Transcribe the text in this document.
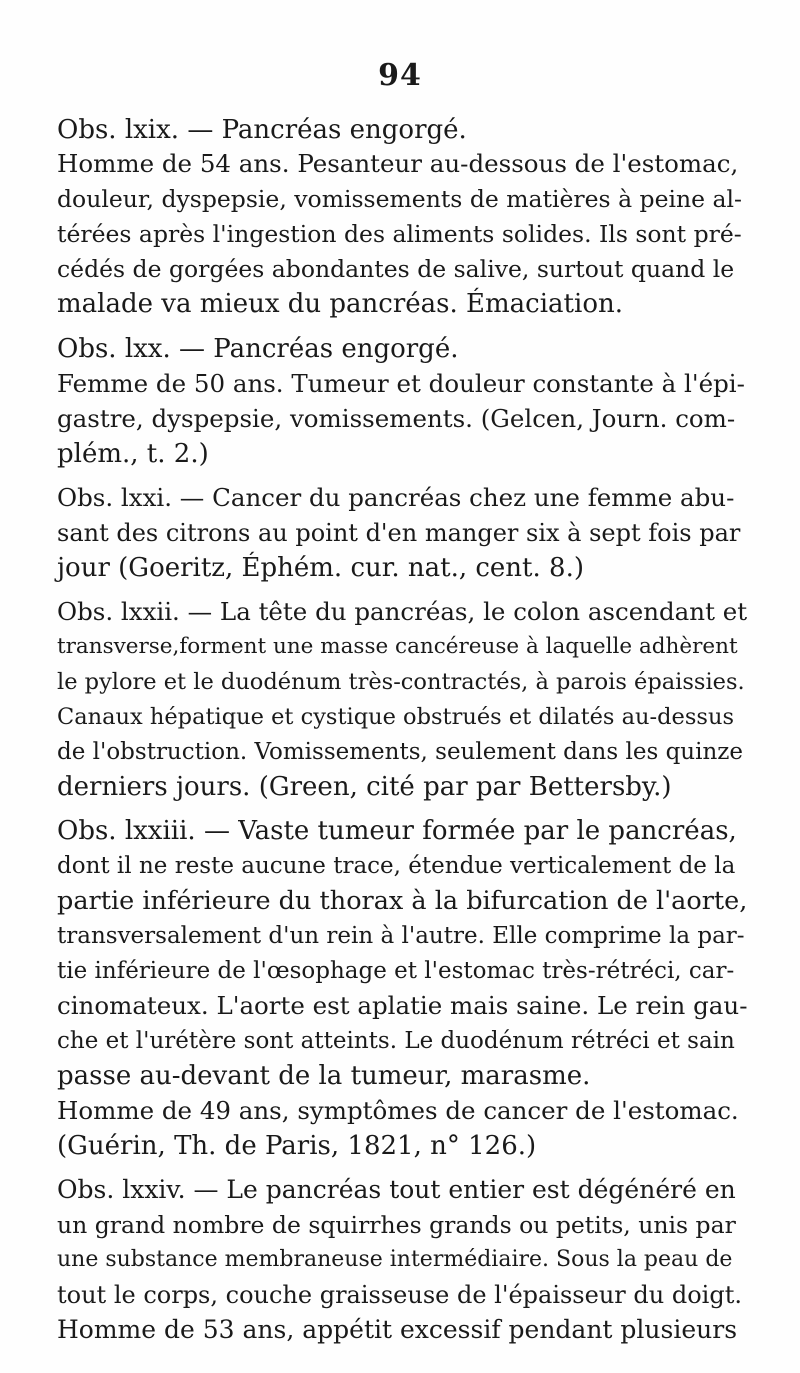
94
Obs. lxix. — Pancréas engorgé.
Homme de 54 ans. Pesanteur au-dessous de l'estomac,
douleur, dyspepsie, vomissements de matières à peine al-
térées après l'ingestion des aliments solides. Ils sont pré-
cédés de gorgées abondantes de salive, surtout quand le
malade va mieux du pancréas. Émaciation.
Obs. lxx. — Pancréas engorgé.
Femme de 50 ans. Tumeur et douleur constante à l'épi-
gastre, dyspepsie, vomissements. (Gelcen, Journ. com-
plém., t. 2.)
Obs. lxxi. — Cancer du pancréas chez une femme abu-
sant des citrons au point d'en manger six à sept fois par
jour (Goeritz, Éphém. cur. nat., cent. 8.)
Obs. lxxii. — La tête du pancréas, le colon ascendant et
transverse,forment une masse cancéreuse à laquelle adhèrent
le pylore et le duodénum très-contractés, à parois épaissies.
Canaux hépatique et cystique obstrués et dilatés au-dessus
de l'obstruction. Vomissements, seulement dans les quinze
derniers jours. (Green, cité par par Bettersby.)
Obs. lxxiii. — Vaste tumeur formée par le pancréas,
dont il ne reste aucune trace, étendue verticalement de la
partie inférieure du thorax à la bifurcation de l'aorte,
transversalement d'un rein à l'autre. Elle comprime la par-
tie inférieure de l'œsophage et l'estomac très-rétréci, car-
cinomateux. L'aorte est aplatie mais saine. Le rein gau-
che et l'urétère sont atteints. Le duodénum rétréci et sain
passe au-devant de la tumeur, marasme.
Homme de 49 ans, symptômes de cancer de l'estomac.
(Guérin, Th. de Paris, 1821, n° 126.)
Obs. lxxiv. — Le pancréas tout entier est dégénéré en
un grand nombre de squirrhes grands ou petits, unis par
une substance membraneuse intermédiaire. Sous la peau de
tout le corps, couche graisseuse de l'épaisseur du doigt.
Homme de 53 ans, appétit excessif pendant plusieurs
